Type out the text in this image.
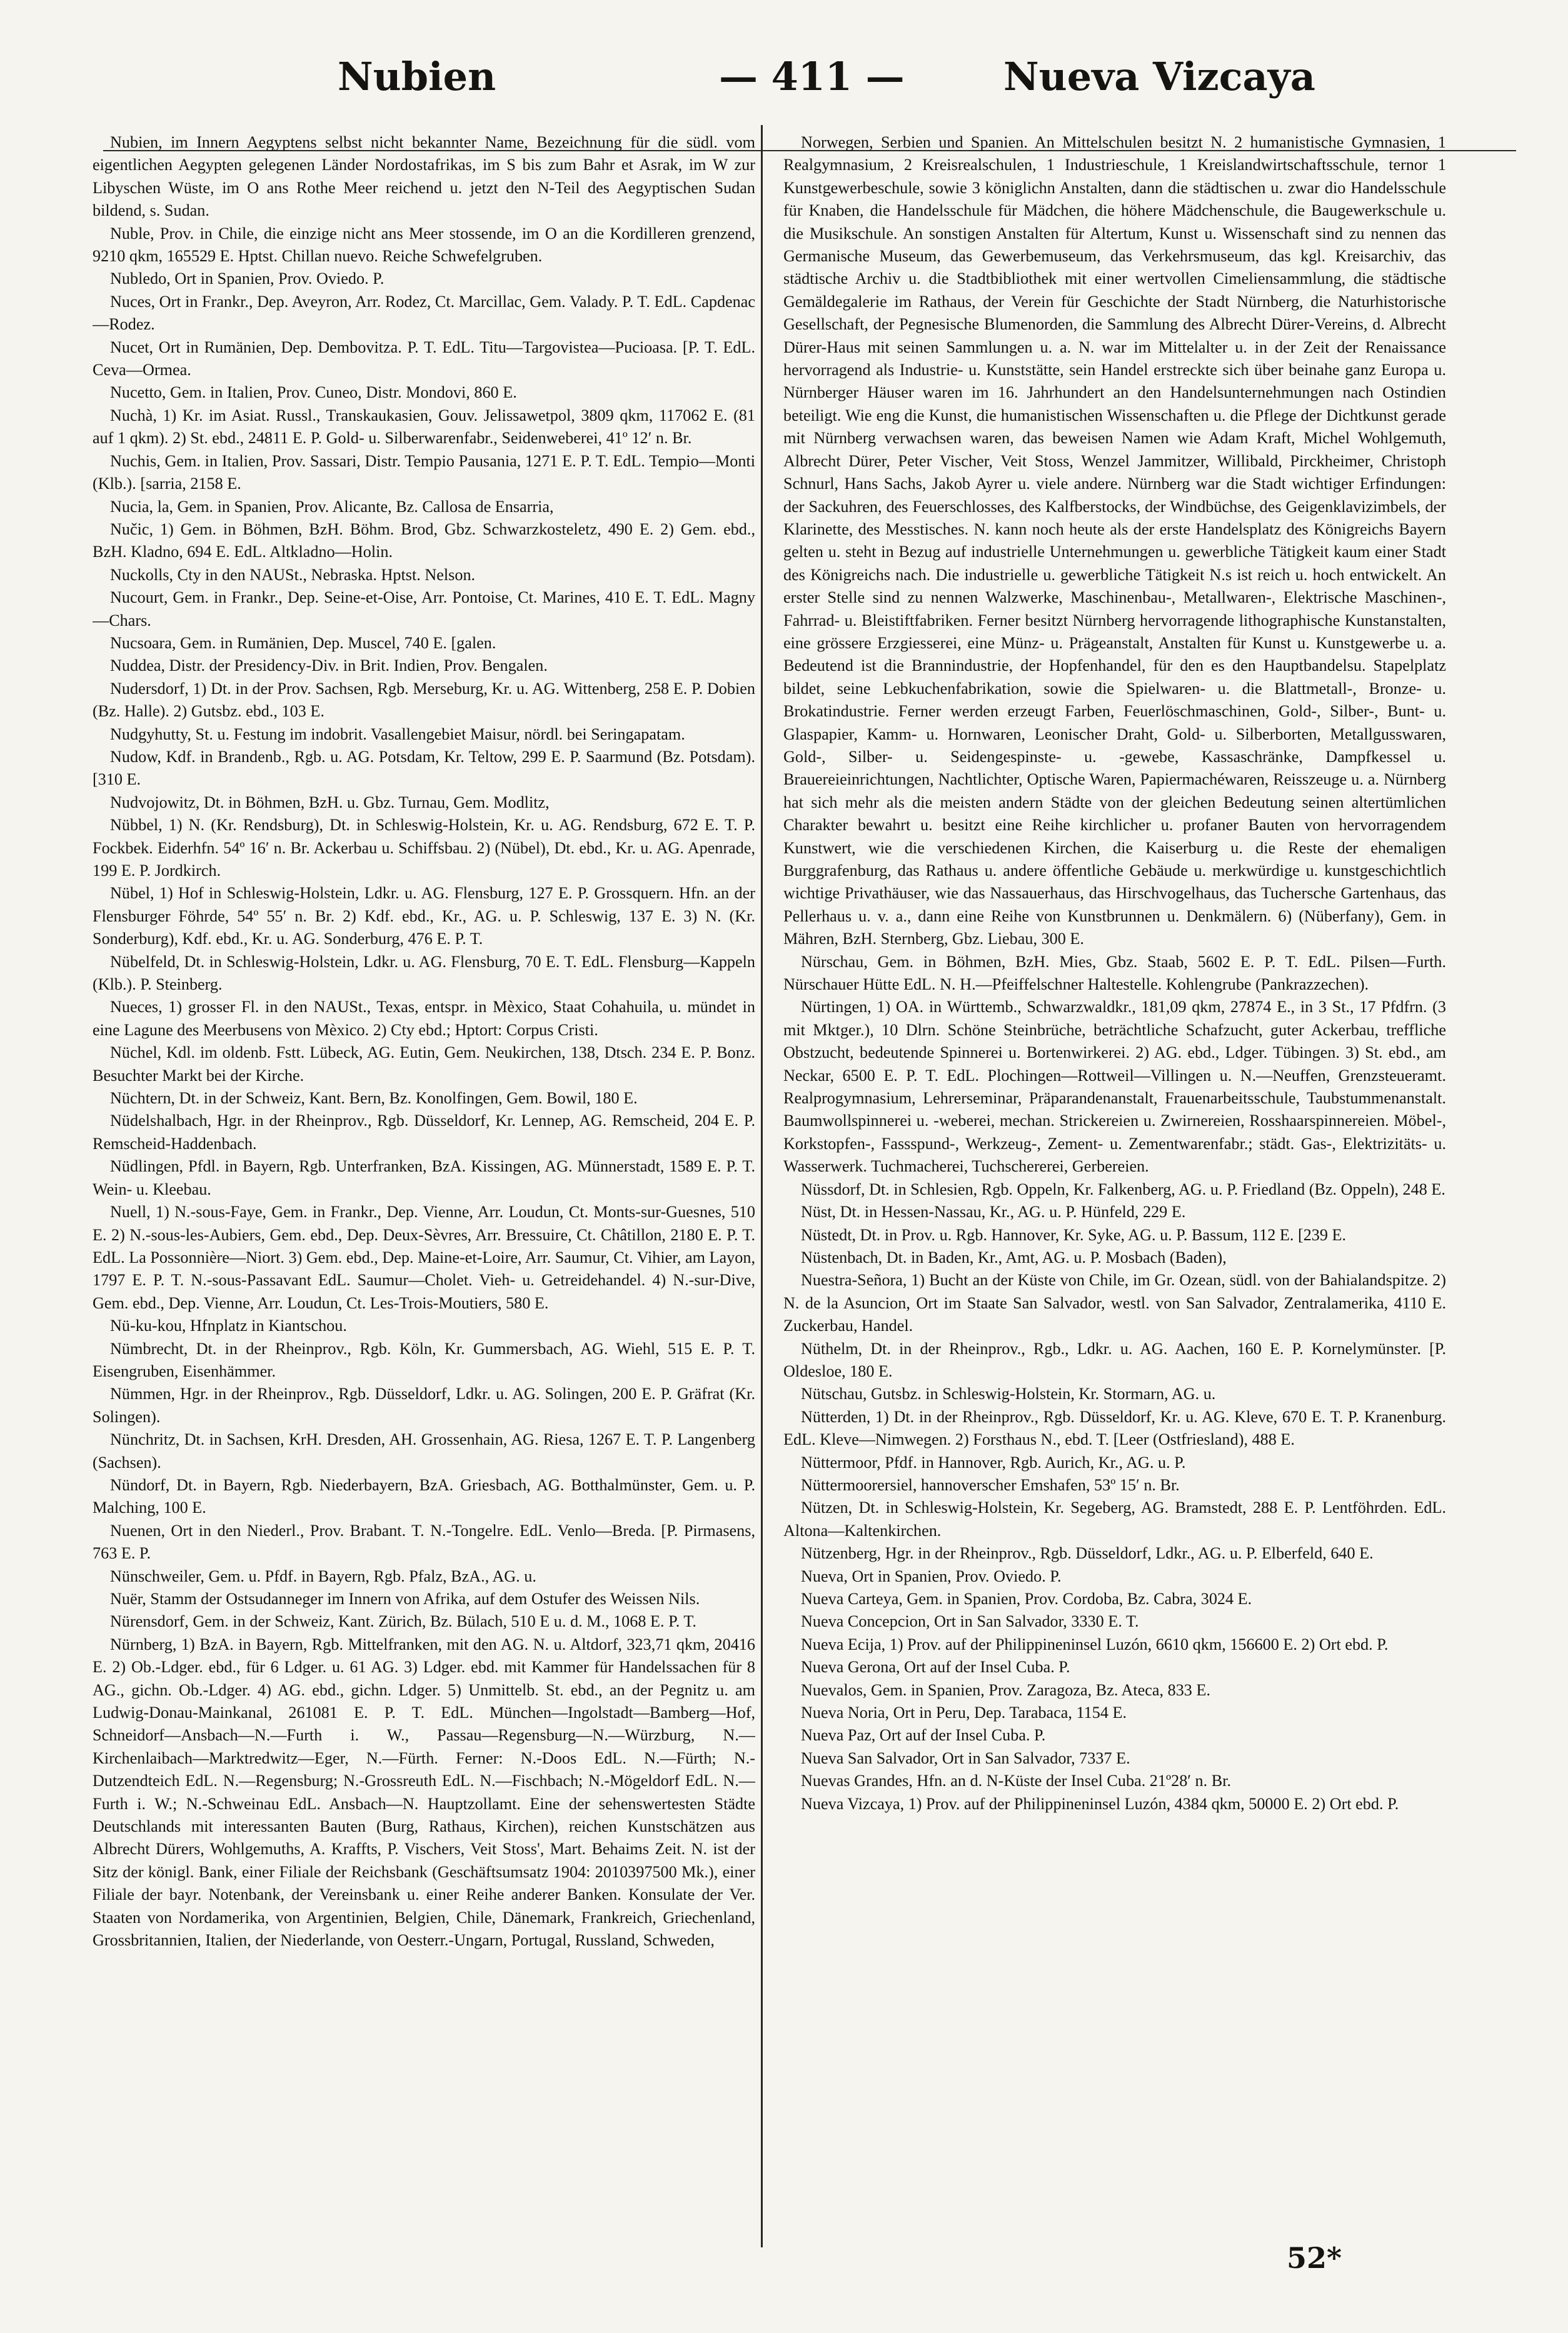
Nubien	— 411 —	Nueva Vizcaya

Nubien, im Innern Aegyptens selbst nicht bekannter Name, Bezeichnung für die südl. vom eigentlichen Aegypten gelegenen Länder Nordostafrikas, im S bis zum Bahr et Asrak, im W zur Libyschen Wüste, im O ans Rothe Meer reichend u. jetzt den N-Teil des Aegyptischen Sudan bildend, s. Sudan.

Nuble, Prov. in Chile, die einzige nicht ans Meer stossende, im O an die Kordilleren grenzend, 9210 qkm, 165529 E. Hptst. Chillan nuevo. Reiche Schwefelgruben.

Nubledo, Ort in Spanien, Prov. Oviedo. P.

Nuces, Ort in Frankr., Dep. Aveyron, Arr. Rodez, Ct. Marcillac, Gem. Valady. P. T. EdL. Capdenac—Rodez.

Nucet, Ort in Rumänien, Dep. Dembovitza. P. T. EdL. Titu—Targovistea—Pucioasa. [P. T. EdL. Ceva—Ormea.

Nucetto, Gem. in Italien, Prov. Cuneo, Distr. Mondovi, 860 E.

Nuchà, 1) Kr. im Asiat. Russl., Transkaukasien, Gouv. Jelissawetpol, 3809 qkm, 117062 E. (81 auf 1 qkm). 2) St. ebd., 24811 E. P. Gold- u. Silberwarenfabr., Seidenweberei, 41º 12′ n. Br.

Nuchis, Gem. in Italien, Prov. Sassari, Distr. Tempio Pausania, 1271 E. P. T. EdL. Tempio—Monti (Klb.). [sarria, 2158 E.

Nucia, la, Gem. in Spanien, Prov. Alicante, Bz. Callosa de Ensarria,

Nučic, 1) Gem. in Böhmen, BzH. Böhm. Brod, Gbz. Schwarzkosteletz, 490 E. 2) Gem. ebd., BzH. Kladno, 694 E. EdL. Altkladno—Holin.

Nuckolls, Cty in den NAUSt., Nebraska. Hptst. Nelson.

Nucourt, Gem. in Frankr., Dep. Seine-et-Oise, Arr. Pontoise, Ct. Marines, 410 E. T. EdL. Magny—Chars.

Nucsoara, Gem. in Rumänien, Dep. Muscel, 740 E. [galen.

Nuddea, Distr. der Presidency-Div. in Brit. Indien, Prov. Bengalen.

Nudersdorf, 1) Dt. in der Prov. Sachsen, Rgb. Merseburg, Kr. u. AG. Wittenberg, 258 E. P. Dobien (Bz. Halle). 2) Gutsbz. ebd., 103 E.

Nudgyhutty, St. u. Festung im indobrit. Vasallengebiet Maisur, nördl. bei Seringapatam.

Nudow, Kdf. in Brandenb., Rgb. u. AG. Potsdam, Kr. Teltow, 299 E. P. Saarmund (Bz. Potsdam). [310 E.

Nudvojowitz, Dt. in Böhmen, BzH. u. Gbz. Turnau, Gem. Modlitz,

Nübbel, 1) N. (Kr. Rendsburg), Dt. in Schleswig-Holstein, Kr. u. AG. Rendsburg, 672 E. T. P. Fockbek. Eiderhfn. 54º 16′ n. Br. Ackerbau u. Schiffsbau. 2) (Nübel), Dt. ebd., Kr. u. AG. Apenrade, 199 E. P. Jordkirch.

Nübel, 1) Hof in Schleswig-Holstein, Ldkr. u. AG. Flensburg, 127 E. P. Grossquern. Hfn. an der Flensburger Föhrde, 54º 55′ n. Br. 2) Kdf. ebd., Kr., AG. u. P. Schleswig, 137 E. 3) N. (Kr. Sonderburg), Kdf. ebd., Kr. u. AG. Sonderburg, 476 E. P. T.

Nübelfeld, Dt. in Schleswig-Holstein, Ldkr. u. AG. Flensburg, 70 E. T. EdL. Flensburg—Kappeln (Klb.). P. Steinberg.

Nueces, 1) grosser Fl. in den NAUSt., Texas, entspr. in Mèxico, Staat Cohahuila, u. mündet in eine Lagune des Meerbusens von Mèxico. 2) Cty ebd.; Hptort: Corpus Cristi.

Nüchel, Kdl. im oldenb. Fstt. Lübeck, AG. Eutin, Gem. Neukirchen, 138, Dtsch. 234 E. P. Bonz. Besuchter Markt bei der Kirche.

Nüchtern, Dt. in der Schweiz, Kant. Bern, Bz. Konolfingen, Gem. Bowil, 180 E.

Nüdelshalbach, Hgr. in der Rheinprov., Rgb. Düsseldorf, Kr. Lennep, AG. Remscheid, 204 E. P. Remscheid-Haddenbach.

Nüdlingen, Pfdl. in Bayern, Rgb. Unterfranken, BzA. Kissingen, AG. Münnerstadt, 1589 E. P. T. Wein- u. Kleebau.

Nuell, 1) N.-sous-Faye, Gem. in Frankr., Dep. Vienne, Arr. Loudun, Ct. Monts-sur-Guesnes, 510 E. 2) N.-sous-les-Aubiers, Gem. ebd., Dep. Deux-Sèvres, Arr. Bressuire, Ct. Châtillon, 2180 E. P. T. EdL. La Possonnière—Niort. 3) Gem. ebd., Dep. Maine-et-Loire, Arr. Saumur, Ct. Vihier, am Layon, 1797 E. P. T. N.-sous-Passavant EdL. Saumur—Cholet. Vieh- u. Getreidehandel. 4) N.-sur-Dive, Gem. ebd., Dep. Vienne, Arr. Loudun, Ct. Les-Trois-Moutiers, 580 E.

Nü-ku-kou, Hfnplatz in Kiantschou.

Nümbrecht, Dt. in der Rheinprov., Rgb. Köln, Kr. Gummersbach, AG. Wiehl, 515 E. P. T. Eisengruben, Eisenhämmer.

Nümmen, Hgr. in der Rheinprov., Rgb. Düsseldorf, Ldkr. u. AG. Solingen, 200 E. P. Gräfrat (Kr. Solingen).

Nünchritz, Dt. in Sachsen, KrH. Dresden, AH. Grossenhain, AG. Riesa, 1267 E. T. P. Langenberg (Sachsen).

Nündorf, Dt. in Bayern, Rgb. Niederbayern, BzA. Griesbach, AG. Botthalmünster, Gem. u. P. Malching, 100 E.

Nuenen, Ort in den Niederl., Prov. Brabant. T. N.-Tongelre. EdL. Venlo—Breda. [P. Pirmasens, 763 E. P.

Nünschweiler, Gem. u. Pfdf. in Bayern, Rgb. Pfalz, BzA., AG. u.

Nuër, Stamm der Ostsudanneger im Innern von Afrika, auf dem Ostufer des Weissen Nils.

Nürensdorf, Gem. in der Schweiz, Kant. Zürich, Bz. Bülach, 510 E u. d. M., 1068 E. P. T.

Nürnberg, 1) BzA. in Bayern, Rgb. Mittelfranken, mit den AG. N. u. Altdorf, 323,71 qkm, 20416 E. 2) Ob.-Ldger. ebd., für 6 Ldger. u. 61 AG. 3) Ldger. ebd. mit Kammer für Handelssachen für 8 AG., gichn. Ob.-Ldger. 4) AG. ebd., gichn. Ldger. 5) Unmittelb. St. ebd., an der Pegnitz u. am Ludwig-Donau-Mainkanal, 261081 E. P. T. EdL. München—Ingolstadt—Bamberg—Hof, Schneidorf—Ansbach—N.—Furth i. W., Passau—Regensburg—N.—Würzburg, N.—Kirchenlaibach—Marktredwitz—Eger, N.—Fürth. Ferner: N.-Doos EdL. N.—Fürth; N.-Dutzendteich EdL. N.—Regensburg; N.-Grossreuth EdL. N.—Fischbach; N.-Mögeldorf EdL. N.—Furth i. W.; N.-Schweinau EdL. Ansbach—N. Hauptzollamt. Eine der sehenswertesten Städte Deutschlands mit interessanten Bauten (Burg, Rathaus, Kirchen), reichen Kunstschätzen aus Albrecht Dürers, Wohlgemuths, A. Kraffts, P. Vischers, Veit Stoss', Mart. Behaims Zeit. N. ist der Sitz der königl. Bank, einer Filiale der Reichsbank (Geschäftsumsatz 1904: 2010397500 Mk.), einer Filiale der bayr. Notenbank, der Vereinsbank u. einer Reihe anderer Banken. Konsulate der Ver. Staaten von Nordamerika, von Argentinien, Belgien, Chile, Dänemark, Frankreich, Griechenland, Grossbritannien, Italien, der Niederlande, von Oesterr.-Ungarn, Portugal, Russland, Schweden,

Norwegen, Serbien und Spanien. An Mittelschulen besitzt N. 2 humanistische Gymnasien, 1 Realgymnasium, 2 Kreisrealschulen, 1 Industrieschule, 1 Kreislandwirtschaftsschule, ternor 1 Kunstgewerbeschule, sowie 3 königlichn Anstalten, dann die städtischen u. zwar dio Handelsschule für Knaben, die Handelsschule für Mädchen, die höhere Mädchenschule, die Baugewerkschule u. die Musikschule. An sonstigen Anstalten für Altertum, Kunst u. Wissenschaft sind zu nennen das Germanische Museum, das Gewerbemuseum, das Verkehrsmuseum, das kgl. Kreisarchiv, das städtische Archiv u. die Stadtbibliothek mit einer wertvollen Cimeliensammlung, die städtische Gemäldegalerie im Rathaus, der Verein für Geschichte der Stadt Nürnberg, die Naturhistorische Gesellschaft, der Pegnesische Blumenorden, die Sammlung des Albrecht Dürer-Vereins, d. Albrecht Dürer-Haus mit seinen Sammlungen u. a. N. war im Mittelalter u. in der Zeit der Renaissance hervorragend als Industrie- u. Kunststätte, sein Handel erstreckte sich über beinahe ganz Europa u. Nürnberger Häuser waren im 16. Jahrhundert an den Handelsunternehmungen nach Ostindien beteiligt. Wie eng die Kunst, die humanistischen Wissenschaften u. die Pflege der Dichtkunst gerade mit Nürnberg verwachsen waren, das beweisen Namen wie Adam Kraft, Michel Wohlgemuth, Albrecht Dürer, Peter Vischer, Veit Stoss, Wenzel Jammitzer, Willibald, Pirckheimer, Christoph Schnurl, Hans Sachs, Jakob Ayrer u. viele andere. Nürnberg war die Stadt wichtiger Erfindungen: der Sackuhren, des Feuerschlosses, des Kalfberstocks, der Windbüchse, des Geigenklavizimbels, der Klarinette, des Messtisches. N. kann noch heute als der erste Handelsplatz des Königreichs Bayern gelten u. steht in Bezug auf industrielle Unternehmungen u. gewerbliche Tätigkeit kaum einer Stadt des Königreichs nach. Die industrielle u. gewerbliche Tätigkeit N.s ist reich u. hoch entwickelt. An erster Stelle sind zu nennen Walzwerke, Maschinenbau-, Metallwaren-, Elektrische Maschinen-, Fahrrad- u. Bleistiftfabriken. Ferner besitzt Nürnberg hervorragende lithographische Kunstanstalten, eine grössere Erzgiesserei, eine Münz- u. Prägeanstalt, Anstalten für Kunst u. Kunstgewerbe u. a. Bedeutend ist die Brannindustrie, der Hopfenhandel, für den es den Hauptbandelsu. Stapelplatz bildet, seine Lebkuchenfabrikation, sowie die Spielwaren- u. die Blattmetall-, Bronze- u. Brokatindustrie. Ferner werden erzeugt Farben, Feuerlöschmaschinen, Gold-, Silber-, Bunt- u. Glaspapier, Kamm- u. Hornwaren, Leonischer Draht, Gold- u. Silberborten, Metallgusswaren, Gold-, Silber- u. Seidengespinste- u. -gewebe, Kassaschränke, Dampfkessel u. Brauereieinrichtungen, Nachtlichter, Optische Waren, Papiermachéwaren, Reisszeuge u. a. Nürnberg hat sich mehr als die meisten andern Städte von der gleichen Bedeutung seinen altertümlichen Charakter bewahrt u. besitzt eine Reihe kirchlicher u. profaner Bauten von hervorragendem Kunstwert, wie die verschiedenen Kirchen, die Kaiserburg u. die Reste der ehemaligen Burggrafenburg, das Rathaus u. andere öffentliche Gebäude u. merkwürdige u. kunstgeschichtlich wichtige Privathäuser, wie das Nassauerhaus, das Hirschvogelhaus, das Tuchersche Gartenhaus, das Pellerhaus u. v. a., dann eine Reihe von Kunstbrunnen u. Denkmälern. 6) (Nüberfany), Gem. in Mähren, BzH. Sternberg, Gbz. Liebau, 300 E.

Nürschau, Gem. in Böhmen, BzH. Mies, Gbz. Staab, 5602 E. P. T. EdL. Pilsen—Furth. Nürschauer Hütte EdL. N. H.—Pfeiffelschner Haltestelle. Kohlengrube (Pankrazzechen).

Nürtingen, 1) OA. in Württemb., Schwarzwaldkr., 181,09 qkm, 27874 E., in 3 St., 17 Pfdfrn. (3 mit Mktger.), 10 Dlrn. Schöne Steinbrüche, beträchtliche Schafzucht, guter Ackerbau, treffliche Obstzucht, bedeutende Spinnerei u. Bortenwirkerei. 2) AG. ebd., Ldger. Tübingen. 3) St. ebd., am Neckar, 6500 E. P. T. EdL. Plochingen—Rottweil—Villingen u. N.—Neuffen, Grenzsteueramt. Realprogymnasium, Lehrerseminar, Präparandenanstalt, Frauenarbeitsschule, Taubstummenanstalt. Baumwollspinnerei u. -weberei, mechan. Strickereien u. Zwirnereien, Rosshaarspinnereien. Möbel-, Korkstopfen-, Fassspund-, Werkzeug-, Zement- u. Zementwarenfabr.; städt. Gas-, Elektrizitäts- u. Wasserwerk. Tuchmacherei, Tuchschererei, Gerbereien.

Nüssdorf, Dt. in Schlesien, Rgb. Oppeln, Kr. Falkenberg, AG. u. P. Friedland (Bz. Oppeln), 248 E.

Nüst, Dt. in Hessen-Nassau, Kr., AG. u. P. Hünfeld, 229 E.

Nüstedt, Dt. in Prov. u. Rgb. Hannover, Kr. Syke, AG. u. P. Bassum, 112 E. [239 E.

Nüstenbach, Dt. in Baden, Kr., Amt, AG. u. P. Mosbach (Baden),

Nuestra-Señora, 1) Bucht an der Küste von Chile, im Gr. Ozean, südl. von der Bahialandspitze. 2) N. de la Asuncion, Ort im Staate San Salvador, westl. von San Salvador, Zentralamerika, 4110 E. Zuckerbau, Handel.

Nüthelm, Dt. in der Rheinprov., Rgb., Ldkr. u. AG. Aachen, 160 E. P. Kornelymünster. [P. Oldesloe, 180 E.

Nütschau, Gutsbz. in Schleswig-Holstein, Kr. Stormarn, AG. u.

Nütterden, 1) Dt. in der Rheinprov., Rgb. Düsseldorf, Kr. u. AG. Kleve, 670 E. T. P. Kranenburg. EdL. Kleve—Nimwegen. 2) Forsthaus N., ebd. T. [Leer (Ostfriesland), 488 E.

Nüttermoor, Pfdf. in Hannover, Rgb. Aurich, Kr., AG. u. P.

Nüttermoorersiel, hannoverscher Emshafen, 53º 15′ n. Br.

Nützen, Dt. in Schleswig-Holstein, Kr. Segeberg, AG. Bramstedt, 288 E. P. Lentföhrden. EdL. Altona—Kaltenkirchen.

Nützenberg, Hgr. in der Rheinprov., Rgb. Düsseldorf, Ldkr., AG. u. P. Elberfeld, 640 E.

Nueva, Ort in Spanien, Prov. Oviedo. P.

Nueva Carteya, Gem. in Spanien, Prov. Cordoba, Bz. Cabra, 3024 E.

Nueva Concepcion, Ort in San Salvador, 3330 E. T.

Nueva Ecija, 1) Prov. auf der Philippineninsel Luzón, 6610 qkm, 156600 E. 2) Ort ebd. P.

Nueva Gerona, Ort auf der Insel Cuba. P.

Nuevalos, Gem. in Spanien, Prov. Zaragoza, Bz. Ateca, 833 E.

Nueva Noria, Ort in Peru, Dep. Tarabaca, 1154 E.

Nueva Paz, Ort auf der Insel Cuba. P.

Nueva San Salvador, Ort in San Salvador, 7337 E.

Nuevas Grandes, Hfn. an d. N-Küste der Insel Cuba. 21º28′ n. Br.

Nueva Vizcaya, 1) Prov. auf der Philippineninsel Luzón, 4384 qkm, 50000 E. 2) Ort ebd. P.

52*
